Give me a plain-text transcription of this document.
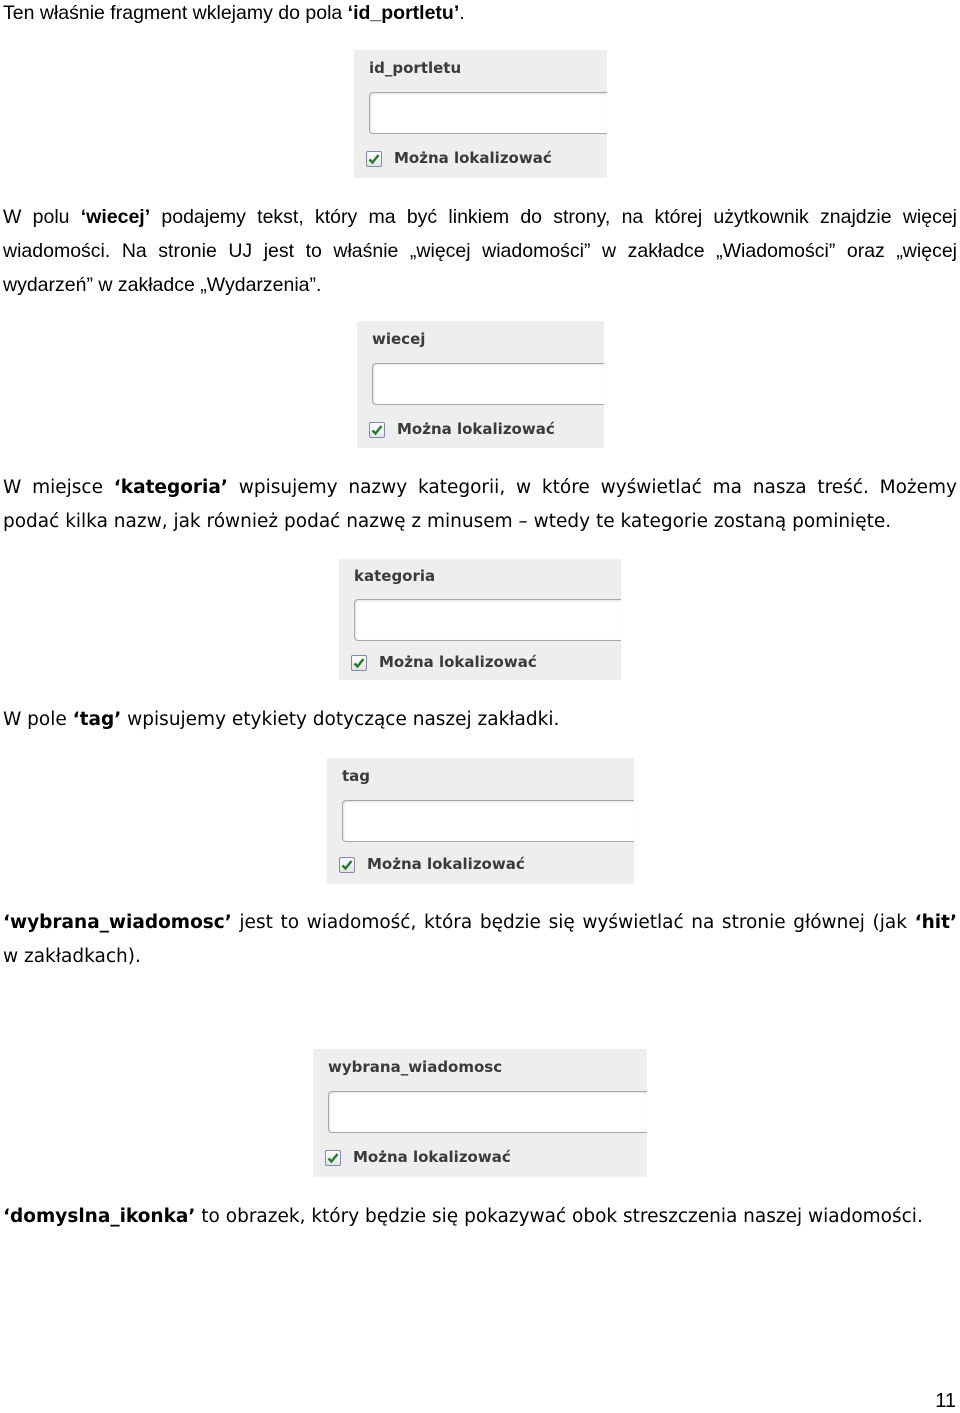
Ten właśnie fragment wklejamy do pola ‘id_portletu’.

id_portletu
Można lokalizować

W polu ‘wiecej’ podajemy tekst, który ma być linkiem do strony, na której użytkownik znajdzie więcej wiadomości. Na stronie UJ jest to właśnie „więcej wiadomości” w zakładce „Wiadomości” oraz „więcej wydarzeń” w zakładce „Wydarzenia”.

wiecej
Można lokalizować

W miejsce ‘kategoria’ wpisujemy nazwy kategorii, w które wyświetlać ma nasza treść. Możemy podać kilka nazw, jak również podać nazwę z minusem – wtedy te kategorie zostaną pominięte.

kategoria
Można lokalizować

W pole ‘tag’ wpisujemy etykiety dotyczące naszej zakładki.

tag
Można lokalizować

‘wybrana_wiadomosc’ jest to wiadomość, która będzie się wyświetlać na stronie głównej (jak ‘hit’ w zakładkach).

wybrana_wiadomosc
Można lokalizować

‘domyslna_ikonka’ to obrazek, który będzie się pokazywać obok streszczenia naszej wiadomości.

11
